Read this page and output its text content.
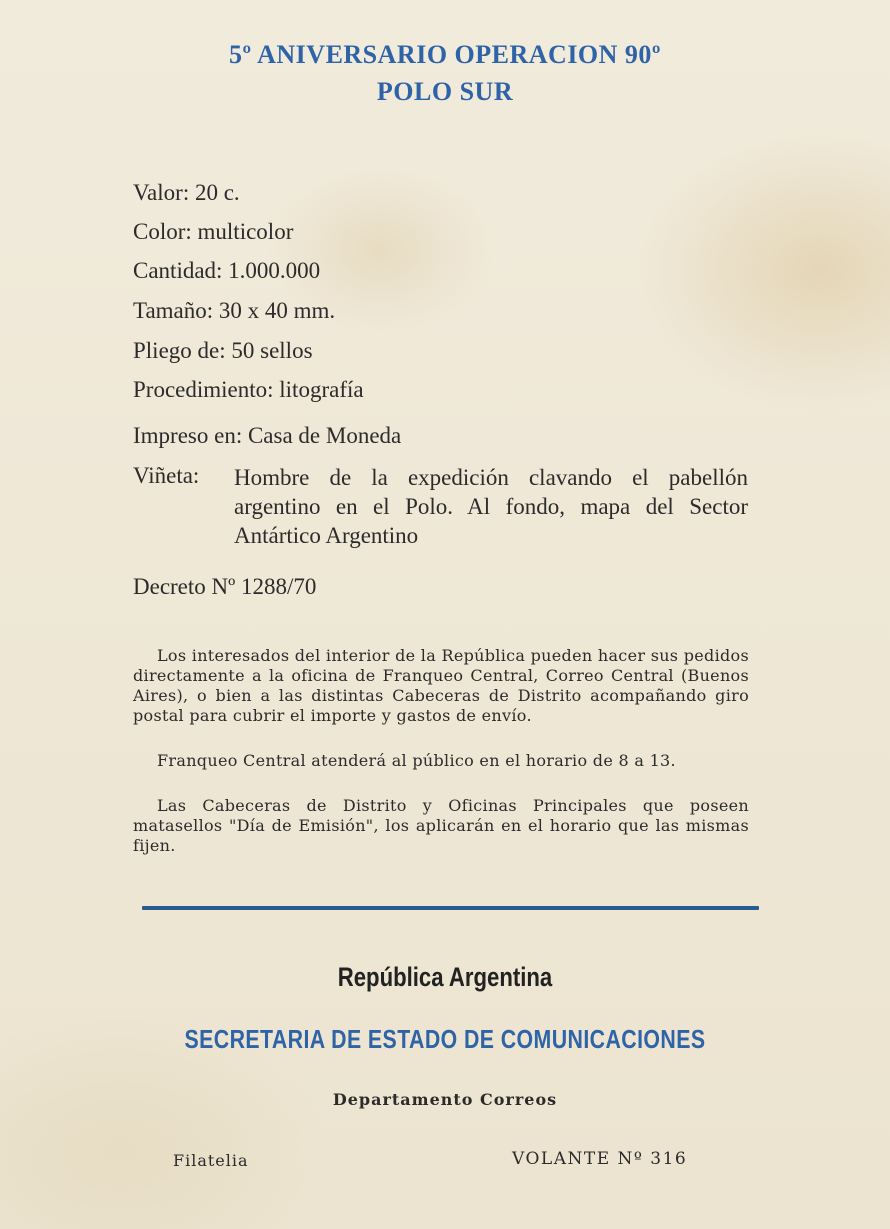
5º ANIVERSARIO OPERACION 90º
POLO SUR
Valor: 20 c.
Color: multicolor
Cantidad: 1.000.000
Tamaño: 30 x 40 mm.
Pliego de: 50 sellos
Procedimiento: litografía
Impreso en: Casa de Moneda
Viñeta: Hombre de la expedición clavando el pabellón argentino en el Polo. Al fondo, mapa del Sector Antártico Argentino
Decreto Nº 1288/70

Los interesados del interior de la República pueden hacer sus pedidos directamente a la oficina de Franqueo Central, Correo Central (Buenos Aires), o bien a las distintas Cabeceras de Distrito acompañando giro postal para cubrir el importe y gastos de envío.

Franqueo Central atenderá al público en el horario de 8 a 13.

Las Cabeceras de Distrito y Oficinas Principales que poseen matasellos "Día de Emisión", los aplicarán en el horario que las mismas fijen.

República Argentina
SECRETARIA DE ESTADO DE COMUNICACIONES
Departamento Correos
Filatelia	VOLANTE Nº 316
